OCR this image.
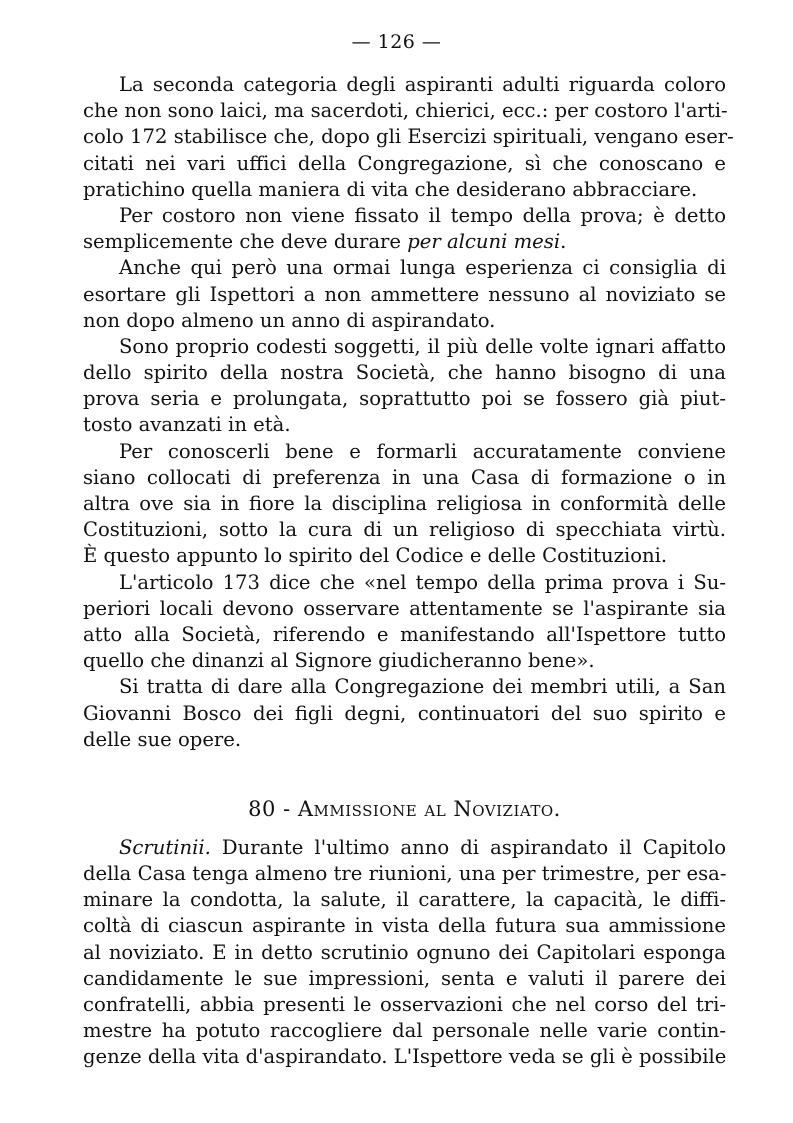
— 126 —
La seconda categoria degli aspiranti adulti riguarda coloro
che non sono laici, ma sacerdoti, chierici, ecc.: per costoro l'arti-
colo 172 stabilisce che, dopo gli Esercizi spirituali, vengano eser-
citati nei vari uffici della Congregazione, sì che conoscano e
pratichino quella maniera di vita che desiderano abbracciare.
Per costoro non viene fissato il tempo della prova; è detto
semplicemente che deve durare per alcuni mesi.
Anche qui però una ormai lunga esperienza ci consiglia di
esortare gli Ispettori a non ammettere nessuno al noviziato se
non dopo almeno un anno di aspirandato.
Sono proprio codesti soggetti, il più delle volte ignari affatto
dello spirito della nostra Società, che hanno bisogno di una
prova seria e prolungata, soprattutto poi se fossero già piut-
tosto avanzati in età.
Per conoscerli bene e formarli accuratamente conviene
siano collocati di preferenza in una Casa di formazione o in
altra ove sia in fiore la disciplina religiosa in conformità delle
Costituzioni, sotto la cura di un religioso di specchiata virtù.
È questo appunto lo spirito del Codice e delle Costituzioni.
L'articolo 173 dice che «nel tempo della prima prova i Su-
periori locali devono osservare attentamente se l'aspirante sia
atto alla Società, riferendo e manifestando all'Ispettore tutto
quello che dinanzi al Signore giudicheranno bene».
Si tratta di dare alla Congregazione dei membri utili, a San
Giovanni Bosco dei figli degni, continuatori del suo spirito e
delle sue opere.
80 - Ammissione al Noviziato.
Scrutinii. Durante l'ultimo anno di aspirandato il Capitolo
della Casa tenga almeno tre riunioni, una per trimestre, per esa-
minare la condotta, la salute, il carattere, la capacità, le diffi-
coltà di ciascun aspirante in vista della futura sua ammissione
al noviziato. E in detto scrutinio ognuno dei Capitolari esponga
candidamente le sue impressioni, senta e valuti il parere dei
confratelli, abbia presenti le osservazioni che nel corso del tri-
mestre ha potuto raccogliere dal personale nelle varie contin-
genze della vita d'aspirandato. L'Ispettore veda se gli è possibile
